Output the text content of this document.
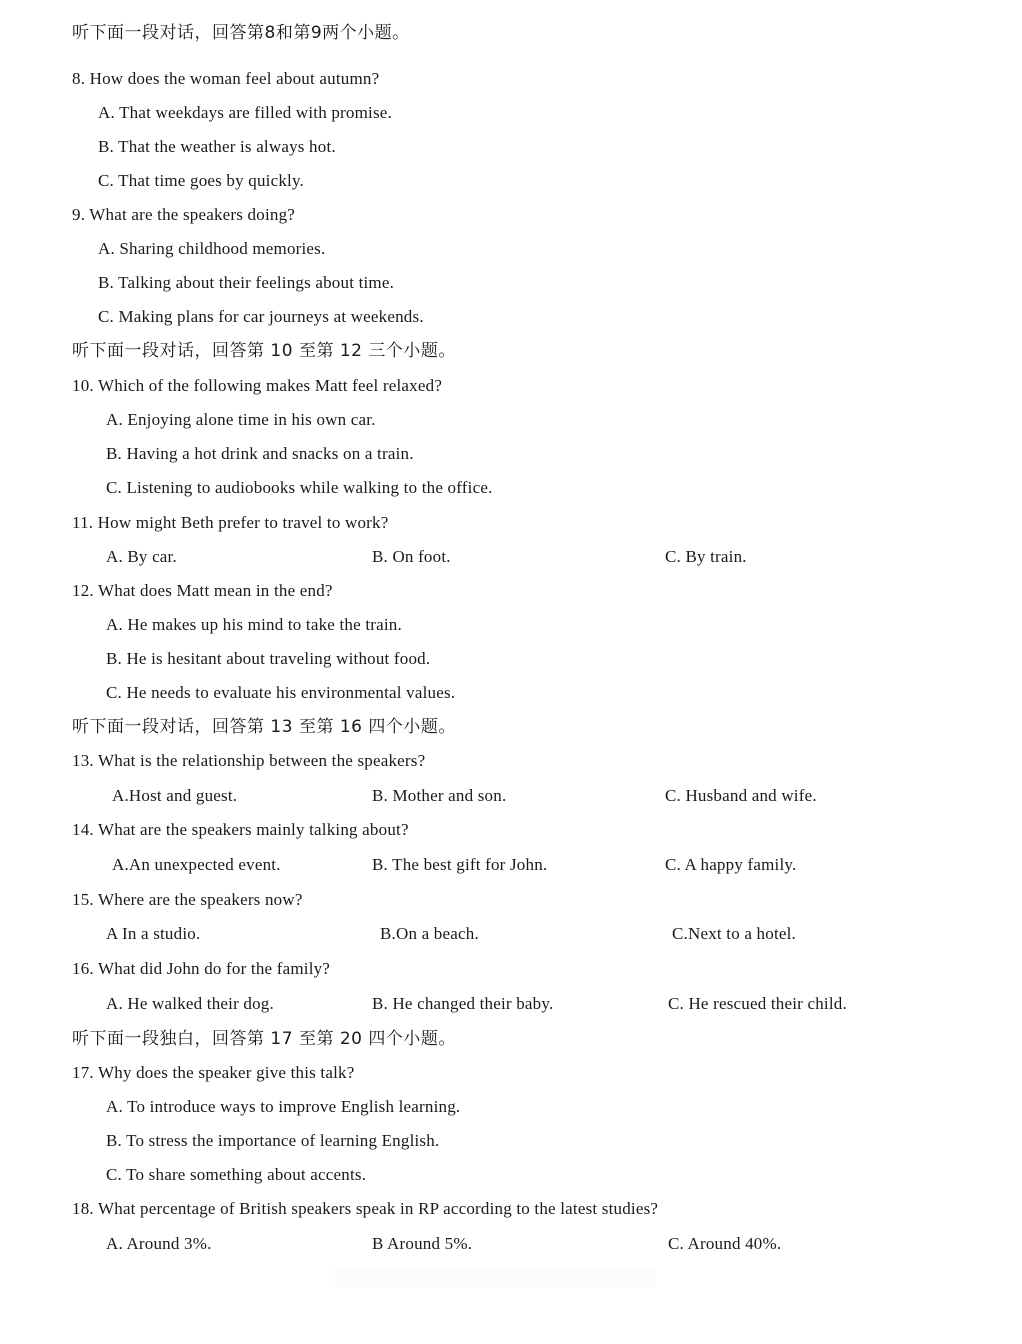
听下面一段对话，回答第8和第9两个小题。
8. How does the woman feel about autumn?
A. That weekdays are filled with promise.
B. That the weather is always hot.
C. That time goes by quickly.
9. What are the speakers doing?
A. Sharing childhood memories.
B. Talking about their feelings about time.
C. Making plans for car journeys at weekends.
听下面一段对话，回答第 10 至第 12 三个小题。
10. Which of the following makes Matt feel relaxed?
A. Enjoying alone time in his own car.
B. Having a hot drink and snacks on a train.
C. Listening to audiobooks while walking to the office.
11. How might Beth prefer to travel to work?
A. By car.	B. On foot.	C. By train.
12. What does Matt mean in the end?
A. He makes up his mind to take the train.
B. He is hesitant about traveling without food.
C. He needs to evaluate his environmental values.
听下面一段对话，回答第 13 至第 16 四个小题。
13. What is the relationship between the speakers?
A.Host and guest.	B. Mother and son.	C. Husband and wife.
14. What are the speakers mainly talking about?
A.An unexpected event.	B. The best gift for John.	C. A happy family.
15. Where are the speakers now?
A In a studio.	B.On a beach.	C.Next to a hotel.
16. What did John do for the family?
A. He walked their dog.	B. He changed their baby.	C. He rescued their child.
听下面一段独白，回答第 17 至第 20 四个小题。
17. Why does the speaker give this talk?
A. To introduce ways to improve English learning.
B. To stress the importance of learning English.
C. To share something about accents.
18. What percentage of British speakers speak in RP according to the latest studies?
A. Around 3%.	B Around 5%.	C. Around 40%.
